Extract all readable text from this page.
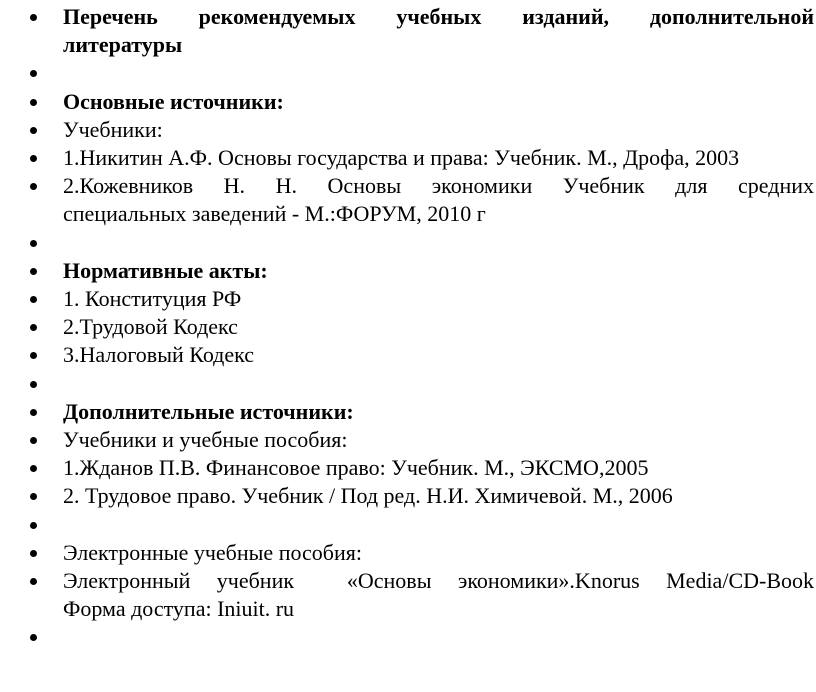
Перечень рекомендуемых учебных изданий, дополнительной
литературы
Основные источники:
Учебники:
1.Никитин А.Ф. Основы государства и права: Учебник. М., Дрофа, 2003
2.Кожевников Н. Н. Основы экономики Учебник для средних
специальных заведений - М.:ФОРУМ, 2010 г
Нормативные акты:
1. Конституция РФ
2.Трудовой Кодекс
3.Налоговый Кодекс
Дополнительные источники:
Учебники и учебные пособия:
1.Жданов П.В. Финансовое право: Учебник. М., ЭКСМО,2005
2. Трудовое право. Учебник / Под ред. Н.И. Химичевой. М., 2006
Электронные учебные пособия:
Электронный учебник  «Основы экономики».Knorus Media/CD-Book
Форма доступа: Iniuit. ru
